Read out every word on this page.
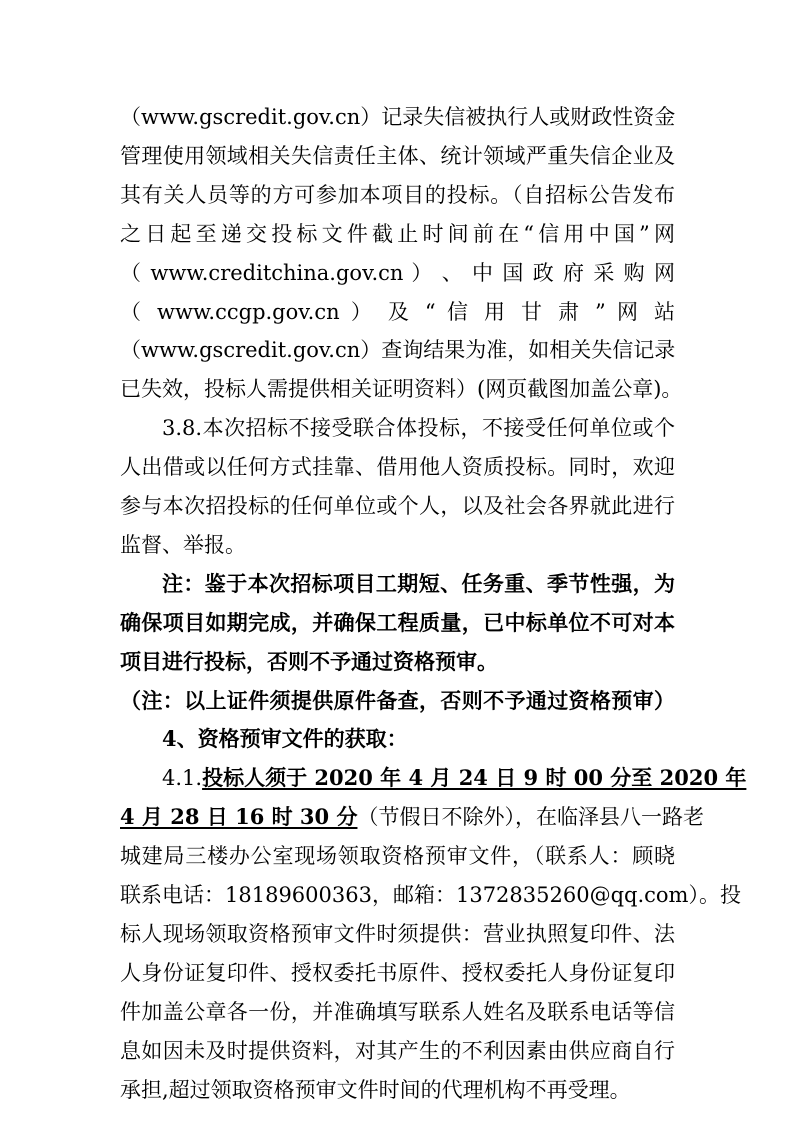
（www.gscredit.gov.cn）记录失信被执行人或财政性资金
管理使用领域相关失信责任主体、统计领域严重失信企业及
其有关人员等的方可参加本项目的投标。（自招标公告发布
之日起至递交投标文件截止时间前在“信用中国”网
（ www.creditchina.gov.cn ） 、 中 国 政 府 采 购 网
（ www.ccgp.gov.cn ） 及 “ 信 用 甘 肃 ” 网 站
（www.gscredit.gov.cn）查询结果为准，如相关失信记录
已失效，投标人需提供相关证明资料）(网页截图加盖公章)。
3.8.本次招标不接受联合体投标，不接受任何单位或个
人出借或以任何方式挂靠、借用他人资质投标。同时，欢迎
参与本次招投标的任何单位或个人，以及社会各界就此进行
监督、举报。
注：鉴于本次招标项目工期短、任务重、季节性强，为
确保项目如期完成，并确保工程质量，已中标单位不可对本
项目进行投标，否则不予通过资格预审。
（注：以上证件须提供原件备查，否则不予通过资格预审）
4、资格预审文件的获取：
4.1.投标人须于 2020 年 4 月 24 日 9 时 00 分至 2020 年
4 月 28 日 16 时 30 分（节假日不除外），在临泽县八一路老
城建局三楼办公室现场领取资格预审文件，（联系人：顾晓
联系电话：18189600363，邮箱：1372835260@qq.com）。投
标人现场领取资格预审文件时须提供：营业执照复印件、法
人身份证复印件、授权委托书原件、授权委托人身份证复印
件加盖公章各一份，并准确填写联系人姓名及联系电话等信
息如因未及时提供资料，对其产生的不利因素由供应商自行
承担,超过领取资格预审文件时间的代理机构不再受理。
